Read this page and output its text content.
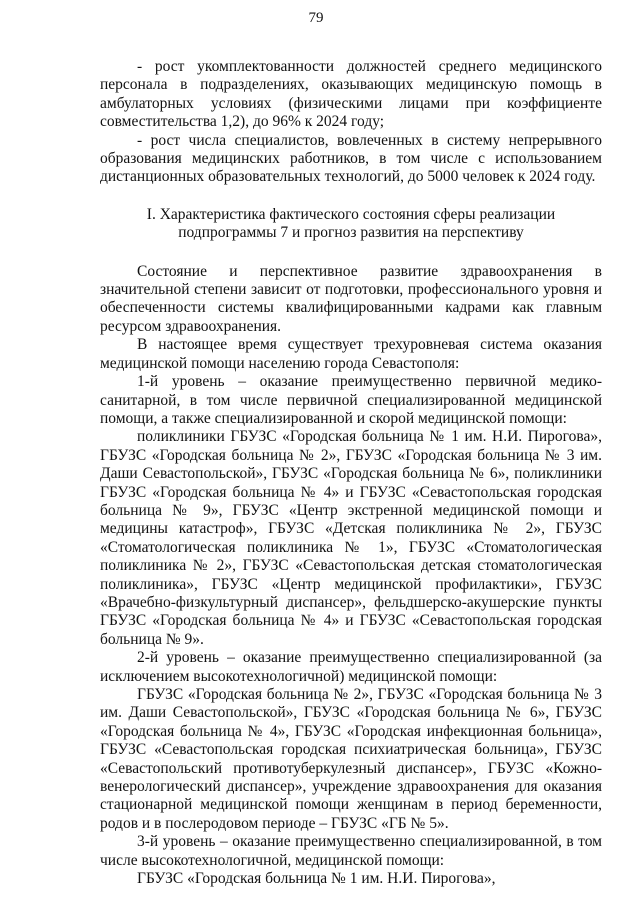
79

- рост укомплектованности должностей среднего медицинского персонала в подразделениях, оказывающих медицинскую помощь в амбулаторных условиях (физическими лицами при коэффициенте совместительства 1,2), до 96% к 2024 году;

- рост числа специалистов, вовлеченных в систему непрерывного образования медицинских работников, в том числе с использованием дистанционных образовательных технологий, до 5000 человек к 2024 году.

I. Характеристика фактического состояния сферы реализации
подпрограммы 7 и прогноз развития на перспективу

Состояние и перспективное развитие здравоохранения в значительной степени зависит от подготовки, профессионального уровня и обеспеченности системы квалифицированными кадрами как главным ресурсом здравоохранения.

В настоящее время существует трехуровневая система оказания медицинской помощи населению города Севастополя:

1-й уровень – оказание преимущественно первичной медико-санитарной, в том числе первичной специализированной медицинской помощи, а также специализированной и скорой медицинской помощи:

поликлиники ГБУЗС «Городская больница № 1 им. Н.И. Пирогова», ГБУЗС «Городская больница № 2», ГБУЗС «Городская больница № 3 им. Даши Севастопольской», ГБУЗС «Городская больница № 6», поликлиники ГБУЗС «Городская больница № 4» и ГБУЗС «Севастопольская городская больница № 9», ГБУЗС «Центр экстренной медицинской помощи и медицины катастроф», ГБУЗС «Детская поликлиника № 2», ГБУЗС «Стоматологическая поликлиника № 1», ГБУЗС «Стоматологическая поликлиника № 2», ГБУЗС «Севастопольская детская стоматологическая поликлиника», ГБУЗС «Центр медицинской профилактики», ГБУЗС «Врачебно-физкультурный диспансер», фельдшерско-акушерские пункты ГБУЗС «Городская больница № 4» и ГБУЗС «Севастопольская городская больница № 9».

2-й уровень – оказание преимущественно специализированной (за исключением высокотехнологичной) медицинской помощи:

ГБУЗС «Городская больница № 2», ГБУЗС «Городская больница № 3 им. Даши Севастопольской», ГБУЗС «Городская больница № 6», ГБУЗС «Городская больница № 4», ГБУЗС «Городская инфекционная больница», ГБУЗС «Севастопольская городская психиатрическая больница», ГБУЗС «Севастопольский противотуберкулезный диспансер», ГБУЗС «Кожно-венерологический диспансер», учреждение здравоохранения для оказания стационарной медицинской помощи женщинам в период беременности, родов и в послеродовом периоде – ГБУЗС «ГБ № 5».

3-й уровень – оказание преимущественно специализированной, в том числе высокотехнологичной, медицинской помощи:

ГБУЗС «Городская больница № 1 им. Н.И. Пирогова»,
